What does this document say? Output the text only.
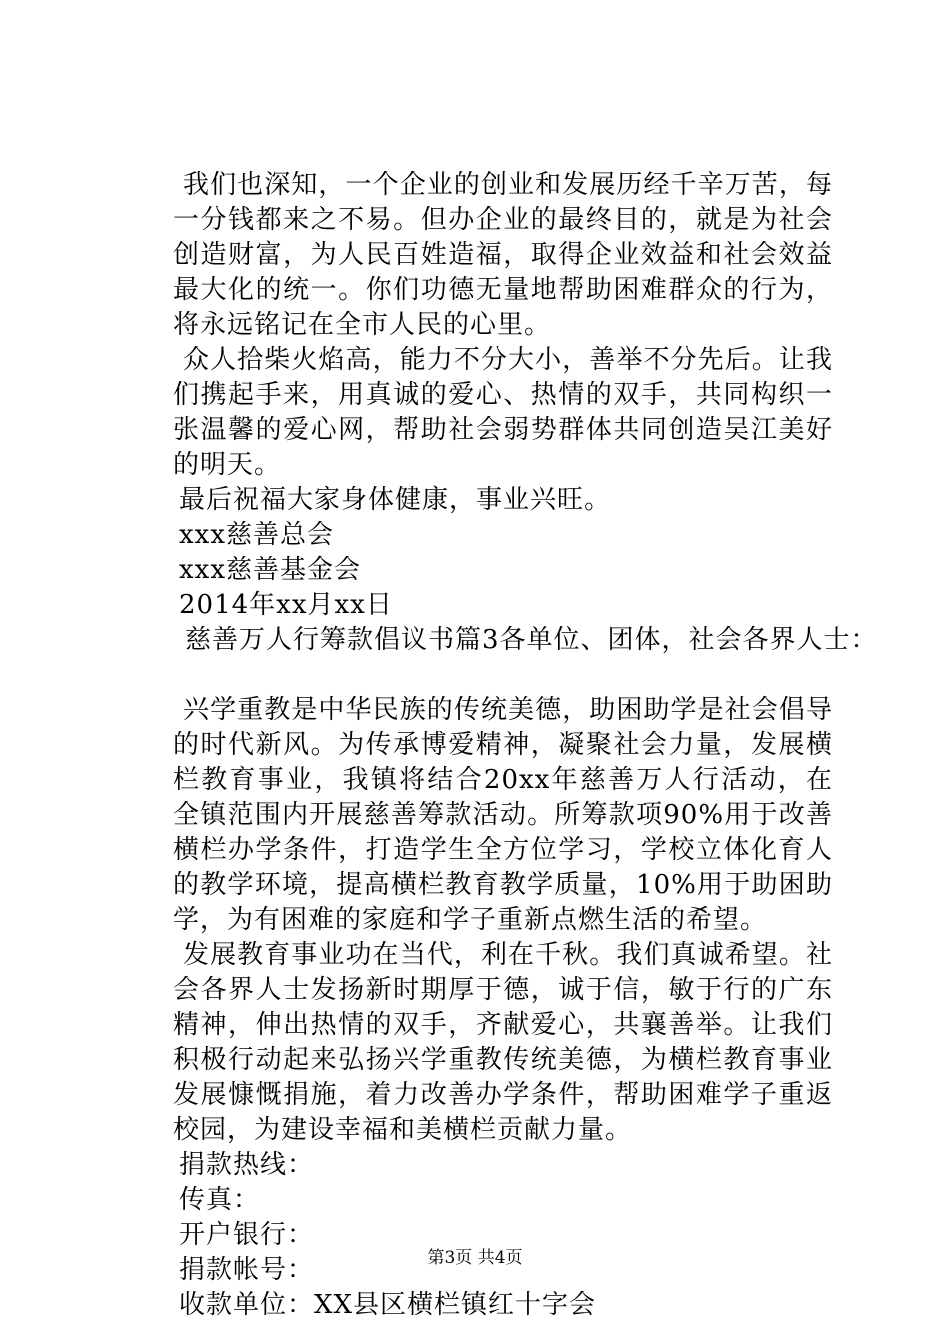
我们也深知，一个企业的创业和发展历经千辛万苦，每一分钱都来之不易。但办企业的最终目的，就是为社会创造财富，为人民百姓造福，取得企业效益和社会效益最大化的统一。你们功德无量地帮助困难群众的行为，将永远铭记在全市人民的心里。

众人拾柴火焰高，能力不分大小，善举不分先后。让我们携起手来，用真诚的爱心、热情的双手，共同构织一张温馨的爱心网，帮助社会弱势群体共同创造吴江美好的明天。

最后祝福大家身体健康，事业兴旺。

xxx慈善总会

xxx慈善基金会

2014年xx月xx日

慈善万人行筹款倡议书篇3各单位、团体，社会各界人士：

兴学重教是中华民族的传统美德，助困助学是社会倡导的时代新风。为传承博爱精神，凝聚社会力量，发展横栏教育事业，我镇将结合20xx年慈善万人行活动，在全镇范围内开展慈善筹款活动。所筹款项90%用于改善横栏办学条件，打造学生全方位学习，学校立体化育人的教学环境，提高横栏教育教学质量，10%用于助困助学，为有困难的家庭和学子重新点燃生活的希望。

发展教育事业功在当代，利在千秋。我们真诚希望。社会各界人士发扬新时期厚于德，诚于信，敏于行的广东精神，伸出热情的双手，齐献爱心，共襄善举。让我们积极行动起来弘扬兴学重教传统美德，为横栏教育事业发展慷慨捐施，着力改善办学条件，帮助困难学子重返校园，为建设幸福和美横栏贡献力量。

捐款热线：

传真：

开户银行：

捐款帐号：

收款单位：XX县区横栏镇红十字会

第3页 共4页
